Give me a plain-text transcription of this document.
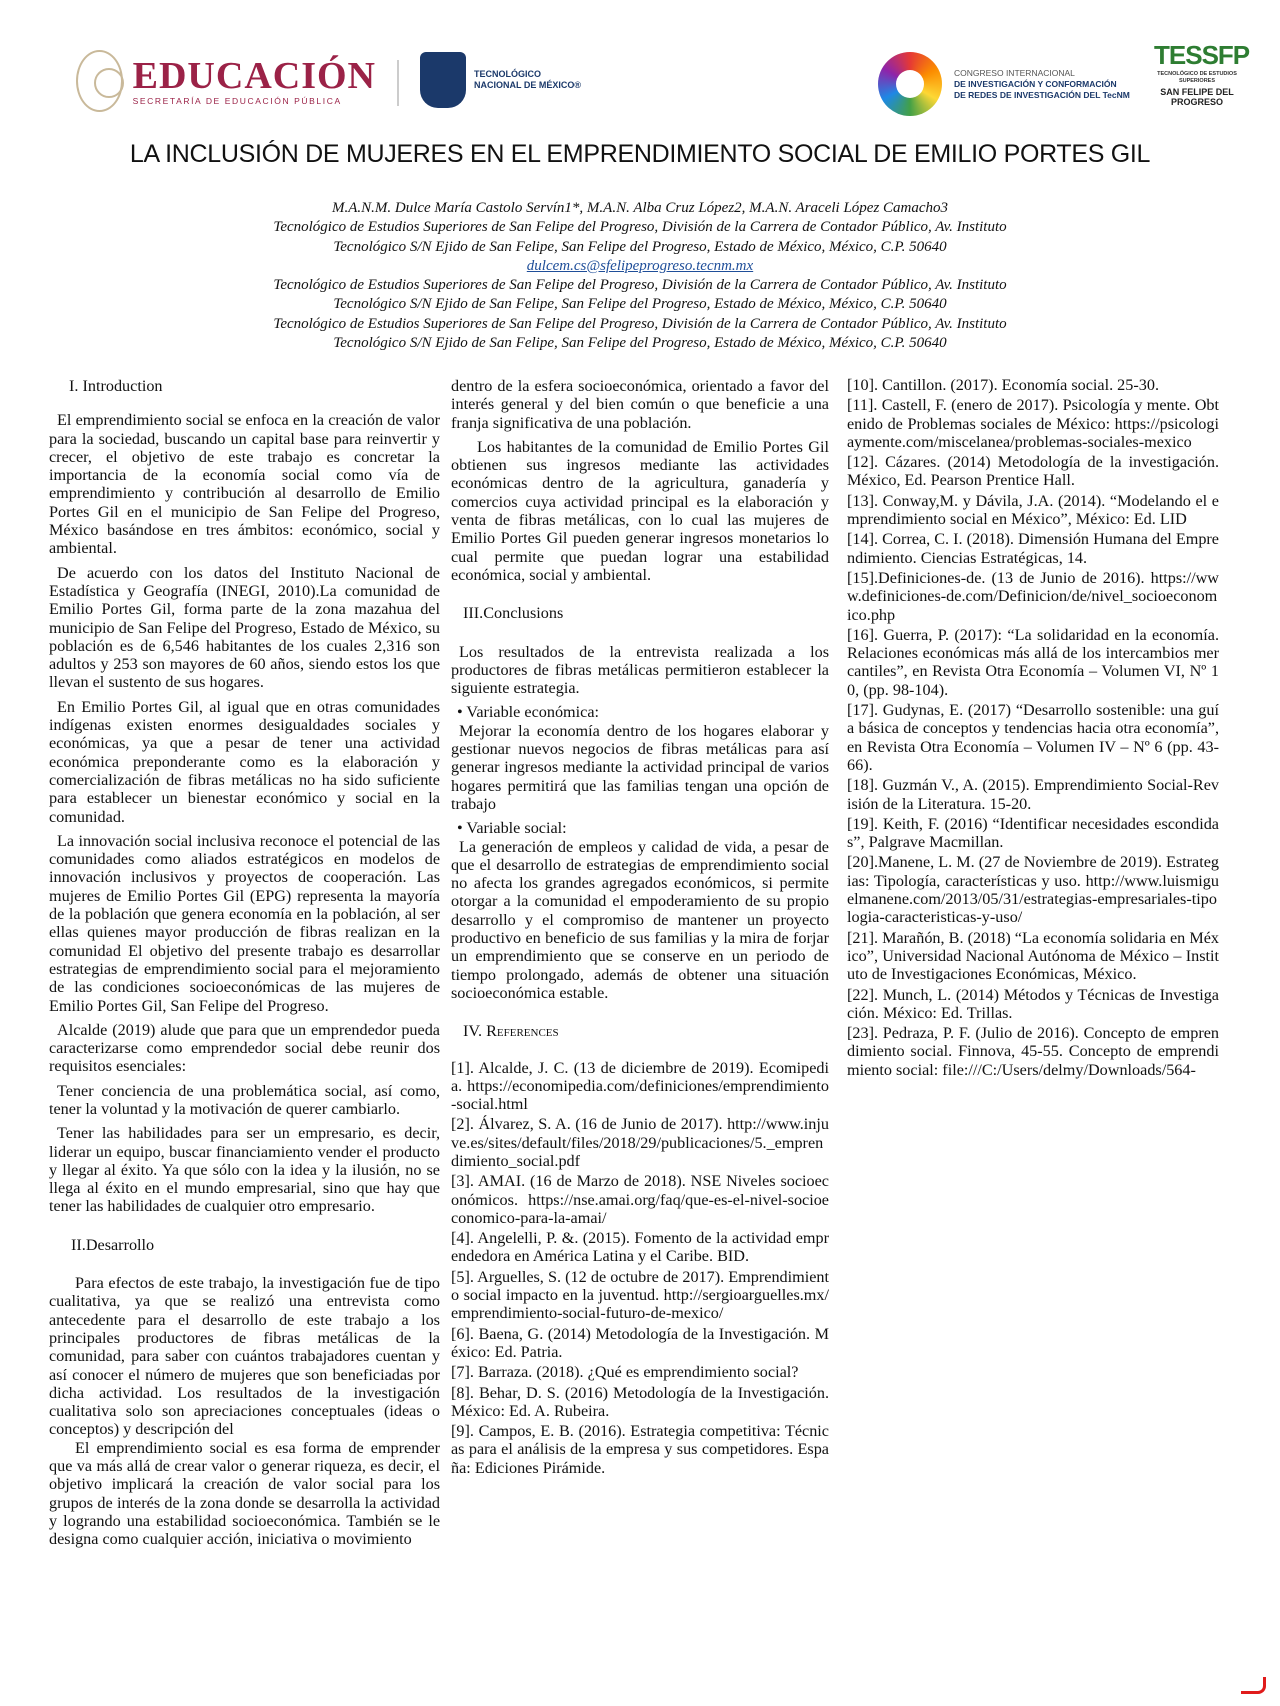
EDUCACIÓN
SECRETARÍA DE EDUCACIÓN PÚBLICA
TECNOLÓGICO
NACIONAL DE MÉXICO®
CONGRESO INTERNACIONAL
DE INVESTIGACIÓN Y CONFORMACIÓN
DE REDES DE INVESTIGACIÓN DEL TecNM
TESSFP
TECNOLÓGICO DE ESTUDIOS SUPERIORES
SAN FELIPE DEL PROGRESO
LA INCLUSIÓN DE MUJERES EN EL EMPRENDIMIENTO SOCIAL DE EMILIO PORTES GIL
M.A.N.M. Dulce María Castolo Servín1*, M.A.N. Alba Cruz López2, M.A.N. Araceli López Camacho3
Tecnológico de Estudios Superiores de San Felipe del Progreso, División de la Carrera de Contador Público, Av. Instituto
Tecnológico S/N Ejido de San Felipe, San Felipe del Progreso, Estado de México, México, C.P. 50640
dulcem.cs@sfelipeprogreso.tecnm.mx
Tecnológico de Estudios Superiores de San Felipe del Progreso, División de la Carrera de Contador Público, Av. Instituto
Tecnológico S/N Ejido de San Felipe, San Felipe del Progreso, Estado de México, México, C.P. 50640
Tecnológico de Estudios Superiores de San Felipe del Progreso, División de la Carrera de Contador Público, Av. Instituto
Tecnológico S/N Ejido de San Felipe, San Felipe del Progreso, Estado de México, México, C.P. 50640
I. Introduction

El emprendimiento social se enfoca en la creación de valor para la sociedad, buscando un capital base para reinvertir y crecer, el objetivo de este trabajo es concretar la importancia de la economía social como vía de emprendimiento y contribución al desarrollo de Emilio Portes Gil en el municipio de San Felipe del Progreso, México basándose en tres ámbitos: económico, social y ambiental.

De acuerdo con los datos del Instituto Nacional de Estadística y Geografía (INEGI, 2010).La comunidad de Emilio Portes Gil, forma parte de la zona mazahua del municipio de San Felipe del Progreso, Estado de México, su población es de 6,546 habitantes de los cuales 2,316 son adultos y 253 son mayores de 60 años, siendo estos los que llevan el sustento de sus hogares.

En Emilio Portes Gil, al igual que en otras comunidades indígenas existen enormes desigualdades sociales y económicas, ya que a pesar de tener una actividad económica preponderante como es la elaboración y comercialización de fibras metálicas no ha sido suficiente para establecer un bienestar económico y social en la comunidad.

La innovación social inclusiva reconoce el potencial de las comunidades como aliados estratégicos en modelos de innovación inclusivos y proyectos de cooperación. Las mujeres de Emilio Portes Gil (EPG) representa la mayoría de la población que genera economía en la población, al ser ellas quienes mayor producción de fibras realizan en la comunidad El objetivo del presente trabajo es desarrollar estrategias de emprendimiento social para el mejoramiento de las condiciones socioeconómicas de las mujeres de Emilio Portes Gil, San Felipe del Progreso.

Alcalde (2019) alude que para que un emprendedor pueda caracterizarse como emprendedor social debe reunir dos requisitos esenciales:

Tener conciencia de una problemática social, así como, tener la voluntad y la motivación de querer cambiarlo.

Tener las habilidades para ser un empresario, es decir, liderar un equipo, buscar financiamiento vender el producto y llegar al éxito. Ya que sólo con la idea y la ilusión, no se llega al éxito en el mundo empresarial, sino que hay que tener las habilidades de cualquier otro empresario.

II.Desarrollo

Para efectos de este trabajo, la investigación fue de tipo cualitativa, ya que se realizó una entrevista como antecedente para el desarrollo de este trabajo a los principales productores de fibras metálicas de la comunidad, para saber con cuántos trabajadores cuentan y así conocer el número de mujeres que son beneficiadas por dicha actividad. Los resultados de la investigación cualitativa solo son apreciaciones conceptuales (ideas o conceptos) y descripción del

El emprendimiento social es esa forma de emprender que va más allá de crear valor o generar riqueza, es decir, el objetivo implicará la creación de valor social para los grupos de interés de la zona donde se desarrolla la actividad y logrando una estabilidad socioeconómica. También se le designa como cualquier acción, iniciativa o movimiento

dentro de la esfera socioeconómica, orientado a favor del interés general y del bien común o que beneficie a una franja significativa de una población.

Los habitantes de la comunidad de Emilio Portes Gil obtienen sus ingresos mediante las actividades económicas dentro de la agricultura, ganadería y comercios cuya actividad principal es la elaboración y venta de fibras metálicas, con lo cual las mujeres de Emilio Portes Gil pueden generar ingresos monetarios lo cual permite que puedan lograr una estabilidad económica, social y ambiental.

III.Conclusions

Los resultados de la entrevista realizada a los productores de fibras metálicas permitieron establecer la siguiente estrategia.

• Variable económica:

Mejorar la economía dentro de los hogares elaborar y gestionar nuevos negocios de fibras metálicas para así generar ingresos mediante la actividad principal de varios hogares permitirá que las familias tengan una opción de trabajo

• Variable social:

La generación de empleos y calidad de vida, a pesar de que el desarrollo de estrategias de emprendimiento social no afecta los grandes agregados económicos, si permite otorgar a la comunidad el empoderamiento de su propio desarrollo y el compromiso de mantener un proyecto productivo en beneficio de sus familias y la mira de forjar un emprendimiento que se conserve en un periodo de tiempo prolongado, además de obtener una situación socioeconómica estable.

IV. References

[1]. Alcalde, J. C. (13 de diciembre de 2019). Ecomipedia. https://economipedia.com/definiciones/emprendimiento-social.html

[2]. Álvarez, S. A. (16 de Junio de 2017). http://www.injuve.es/sites/default/files/2018/29/publicaciones/5._emprendimiento_social.pdf

[3]. AMAI. (16 de Marzo de 2018). NSE Niveles socioeconómicos. https://nse.amai.org/faq/que-es-el-nivel-socioeconomico-para-la-amai/

[4]. Angelelli, P. &. (2015). Fomento de la actividad emprendedora en América Latina y el Caribe. BID.

[5]. Arguelles, S. (12 de octubre de 2017). Emprendimiento social impacto en la juventud. http://sergioarguelles.mx/emprendimiento-social-futuro-de-mexico/

[6]. Baena, G. (2014) Metodología de la Investigación. México: Ed. Patria.

[7]. Barraza. (2018). ¿Qué es emprendimiento social?

[8]. Behar, D. S. (2016) Metodología de la Investigación. México: Ed. A. Rubeira.

[9]. Campos, E. B. (2016). Estrategia competitiva: Técnicas para el análisis de la empresa y sus competidores. España: Ediciones Pirámide.

[10]. Cantillon. (2017). Economía social. 25-30.

[11]. Castell, F. (enero de 2017). Psicología y mente. Obtenido de Problemas sociales de México: https://psicologiaymente.com/miscelanea/problemas-sociales-mexico

[12]. Cázares. (2014) Metodología de la investigación. México, Ed. Pearson Prentice Hall.

[13]. Conway,M. y Dávila, J.A. (2014). “Modelando el emprendimiento social en México”, México: Ed. LID

[14]. Correa, C. I. (2018). Dimensión Humana del Emprendimiento. Ciencias Estratégicas, 14.

[15].Definiciones-de. (13 de Junio de 2016). https://www.definiciones-de.com/Definicion/de/nivel_socioeconomico.php

[16]. Guerra, P. (2017): “La solidaridad en la economía. Relaciones económicas más allá de los intercambios mercantiles”, en Revista Otra Economía – Volumen VI, Nº 10, (pp. 98-104).

[17]. Gudynas, E. (2017) “Desarrollo sostenible: una guía básica de conceptos y tendencias hacia otra economía”, en Revista Otra Economía – Volumen IV – Nº 6 (pp. 43-66).

[18]. Guzmán V., A. (2015). Emprendimiento Social-Revisión de la Literatura. 15-20.

[19]. Keith, F. (2016) “Identificar necesidades escondidas”, Palgrave Macmillan.

[20].Manene, L. M. (27 de Noviembre de 2019). Estrategias: Tipología, características y uso. http://www.luismiguelmanene.com/2013/05/31/estrategias-empresariales-tipologia-caracteristicas-y-uso/

[21]. Marañón, B. (2018) “La economía solidaria en México”, Universidad Nacional Autónoma de México – Instituto de Investigaciones Económicas, México.

[22]. Munch, L. (2014) Métodos y Técnicas de Investigación. México: Ed. Trillas.

[23]. Pedraza, P. F. (Julio de 2016). Concepto de emprendimiento social. Finnova, 45-55. Concepto de emprendimiento social: file:///C:/Users/delmy/Downloads/564-
